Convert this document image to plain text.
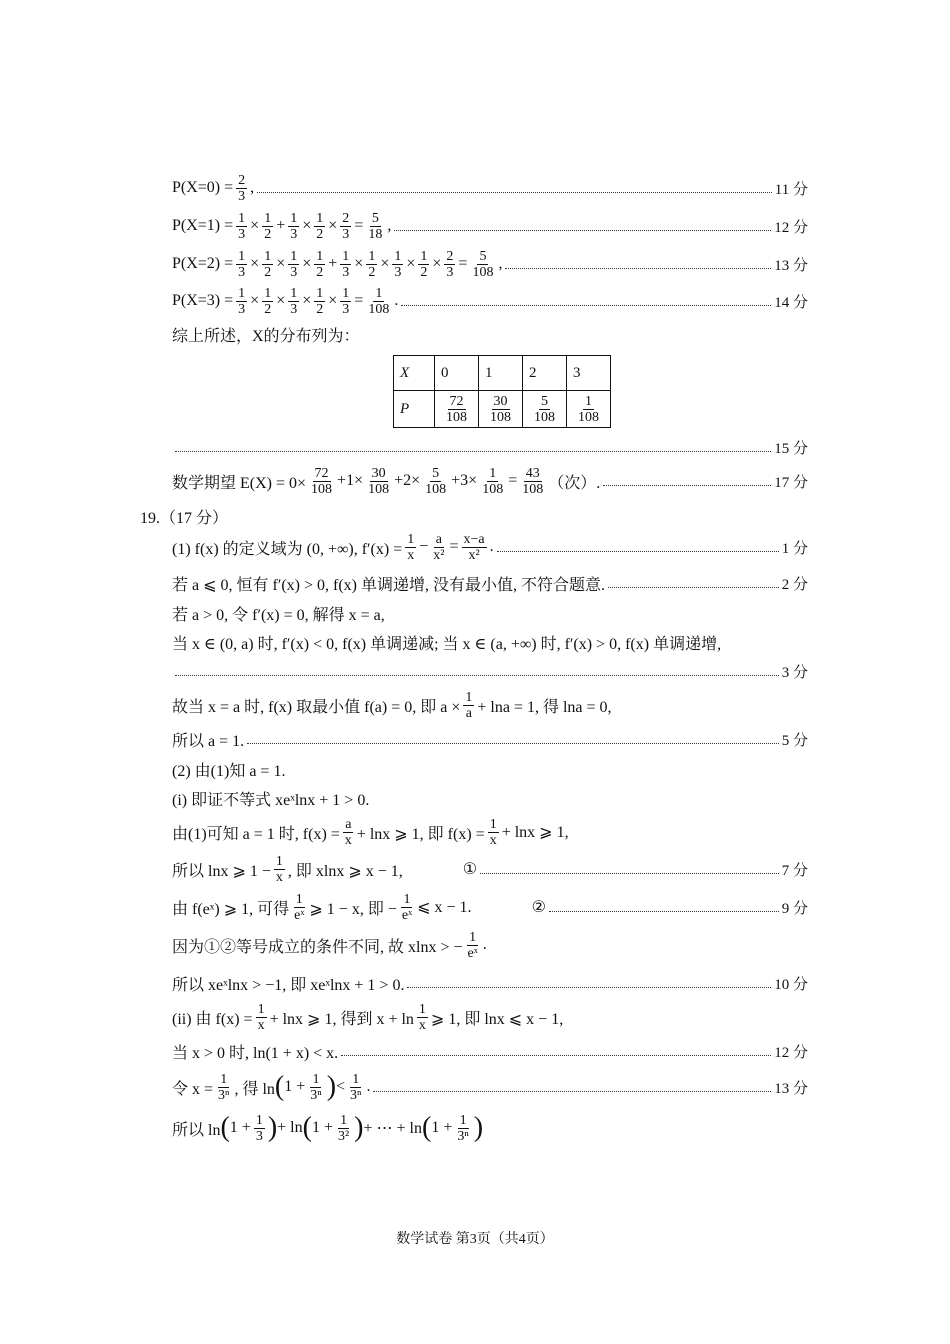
$P(X=0) = \frac{2}{3}$ ,	11 分
$P(X=1) = \frac{1}{3} \times \frac{1}{2} + \frac{1}{3} \times \frac{1}{2} \times \frac{2}{3} = \frac{5}{18}$ ,	12 分
$P(X=2) = \frac{1}{3} \times \frac{1}{2} \times \frac{1}{3} \times \frac{1}{2} + \frac{1}{3} \times \frac{1}{2} \times \frac{1}{3} \times \frac{1}{2} \times \frac{2}{3} = \frac{5}{108}$ ,	13 分
$P(X=3) = \frac{1}{3} \times \frac{1}{2} \times \frac{1}{3} \times \frac{1}{2} \times \frac{1}{3} = \frac{1}{108}$ .	14 分
综上所述，X的分布列为：
15 分
数学期望 $E(X) = 0\times \frac{72}{108} +1\times \frac{30}{108} +2\times \frac{5}{108} +3\times \frac{1}{108} = \frac{43}{108}$ （次）.	17 分
19.（17 分）
(1) f(x) 的定义域为 (0, +∞), $f'(x) = \frac{1}{x} - \frac{a}{\text{x²}} = \frac{x-a}{\text{x²}}$ .	1 分
若 a ⩽ 0, 恒有 f′(x) > 0, f(x) 单调递增, 没有最小值, 不符合题意.	2 分
若 a > 0, 令 f′(x) = 0, 解得 x = a,
当 x ∈ (0, a) 时, f′(x) < 0, f(x) 单调递减; 当 x ∈ (a, +∞) 时, f′(x) > 0, f(x) 单调递增,
3 分
故当 x = a 时, f(x) 取最小值 f(a) = 0, 即 $a \times \frac{1}{a} + \ln a = 1$, 得 lna = 0,
所以 a = 1.	5 分
(2) 由(1)知 a = 1.
(i) 即证不等式 xeˣlnx + 1 > 0.
由(1)可知 a = 1 时, $f(x) = \frac{a}{x} + \ln x$ ⩾ 1, 即 $f(x) = \frac{1}{x} + \ln x$ ⩾ 1,
所以 lnx ⩾ $1 - \frac{1}{x}$ , 即 xlnx ⩾ x − 1,	①	7 分
由 f(eˣ) ⩾ 1, 可得 $\frac{1}{\text{eˣ}}$ ⩾ 1 − x, 即 − $\frac{1}{\text{eˣ}}$ ⩽ x − 1.	②	9 分
因为①②等号成立的条件不同, 故 xlnx > − $\frac{1}{\text{eˣ}}$ .
所以 xeˣlnx > −1, 即 xeˣlnx + 1 > 0.	10 分
(ii) 由 $f(x) = \frac{1}{x} + \ln x$ ⩾ 1, 得到 $x + \ln \frac{1}{x}$ ⩾ 1, 即 lnx ⩽ x − 1,
当 x > 0 时, ln(1 + x) < x.	12 分
令 $x = \frac{1}{\text{3ⁿ}}$ , 得 ln ( $1 + \frac{1}{\text{3ⁿ}}$ ) < $\frac{1}{\text{3ⁿ}}$ .	13 分
所以 ln ( $1 + \frac{1}{3}$ ) + ln ( $1 + \frac{1}{\text{3²}}$ ) + ⋯ + ln ( $1 + \frac{1}{\text{3ⁿ}}$ )
X	0	1	2	3
P	$\frac{72}{108}$	$\frac{30}{108}$	$\frac{5}{108}$	$\frac{1}{108}$
数学试卷 第3页（共4页）
